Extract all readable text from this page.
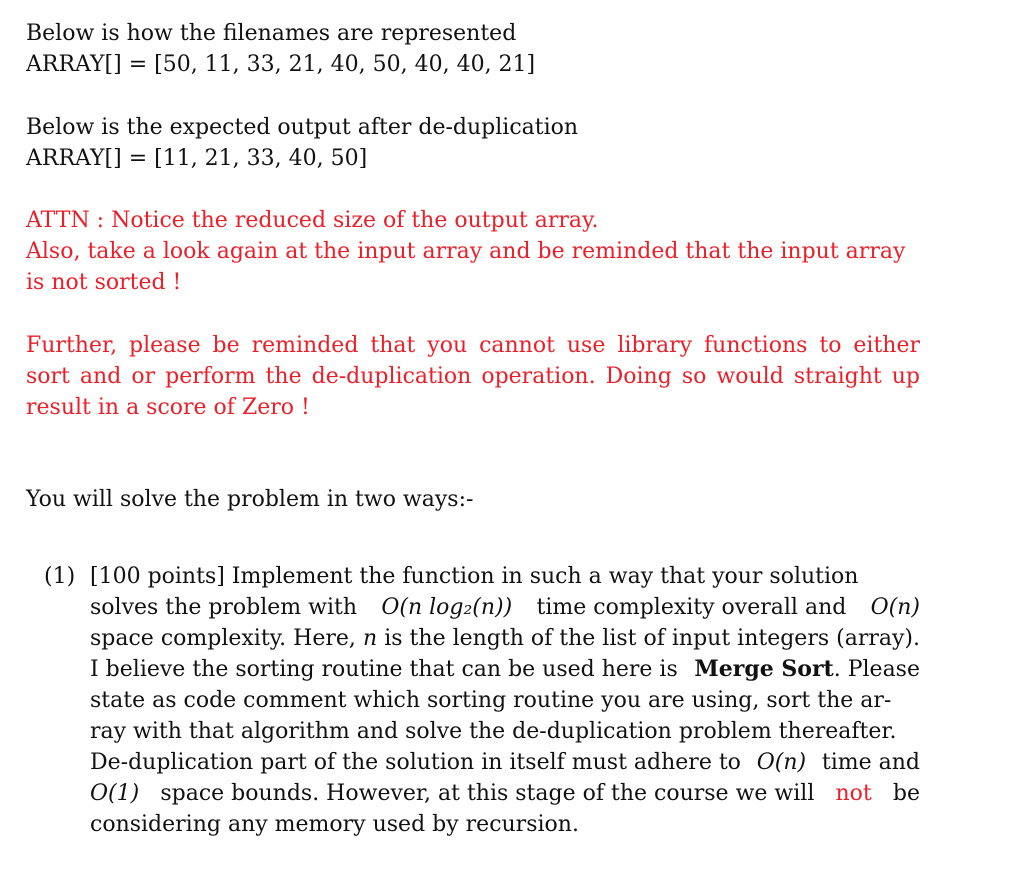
Below is how the filenames are represented
ARRAY[] = [50, 11, 33, 21, 40, 50, 40, 40, 21]
Below is the expected output after de-duplication
ARRAY[] = [11, 21, 33, 40, 50]
ATTN : Notice the reduced size of the output array.
Also, take a look again at the input array and be reminded that the input array
is not sorted !
Further, please be reminded that you cannot use library functions to either
sort and or perform the de-duplication operation. Doing so would straight up
result in a score of Zero !
You will solve the problem in two ways:-
(1) [100 points] Implement the function in such a way that your solution
solves the problem with O(n log₂(n)) time complexity overall and O(n)
space complexity. Here, n is the length of the list of input integers (array).
I believe the sorting routine that can be used here is Merge Sort. Please
state as code comment which sorting routine you are using, sort the ar-
ray with that algorithm and solve the de-duplication problem thereafter.
De-duplication part of the solution in itself must adhere to O(n) time and
O(1) space bounds. However, at this stage of the course we will not be
considering any memory used by recursion.
